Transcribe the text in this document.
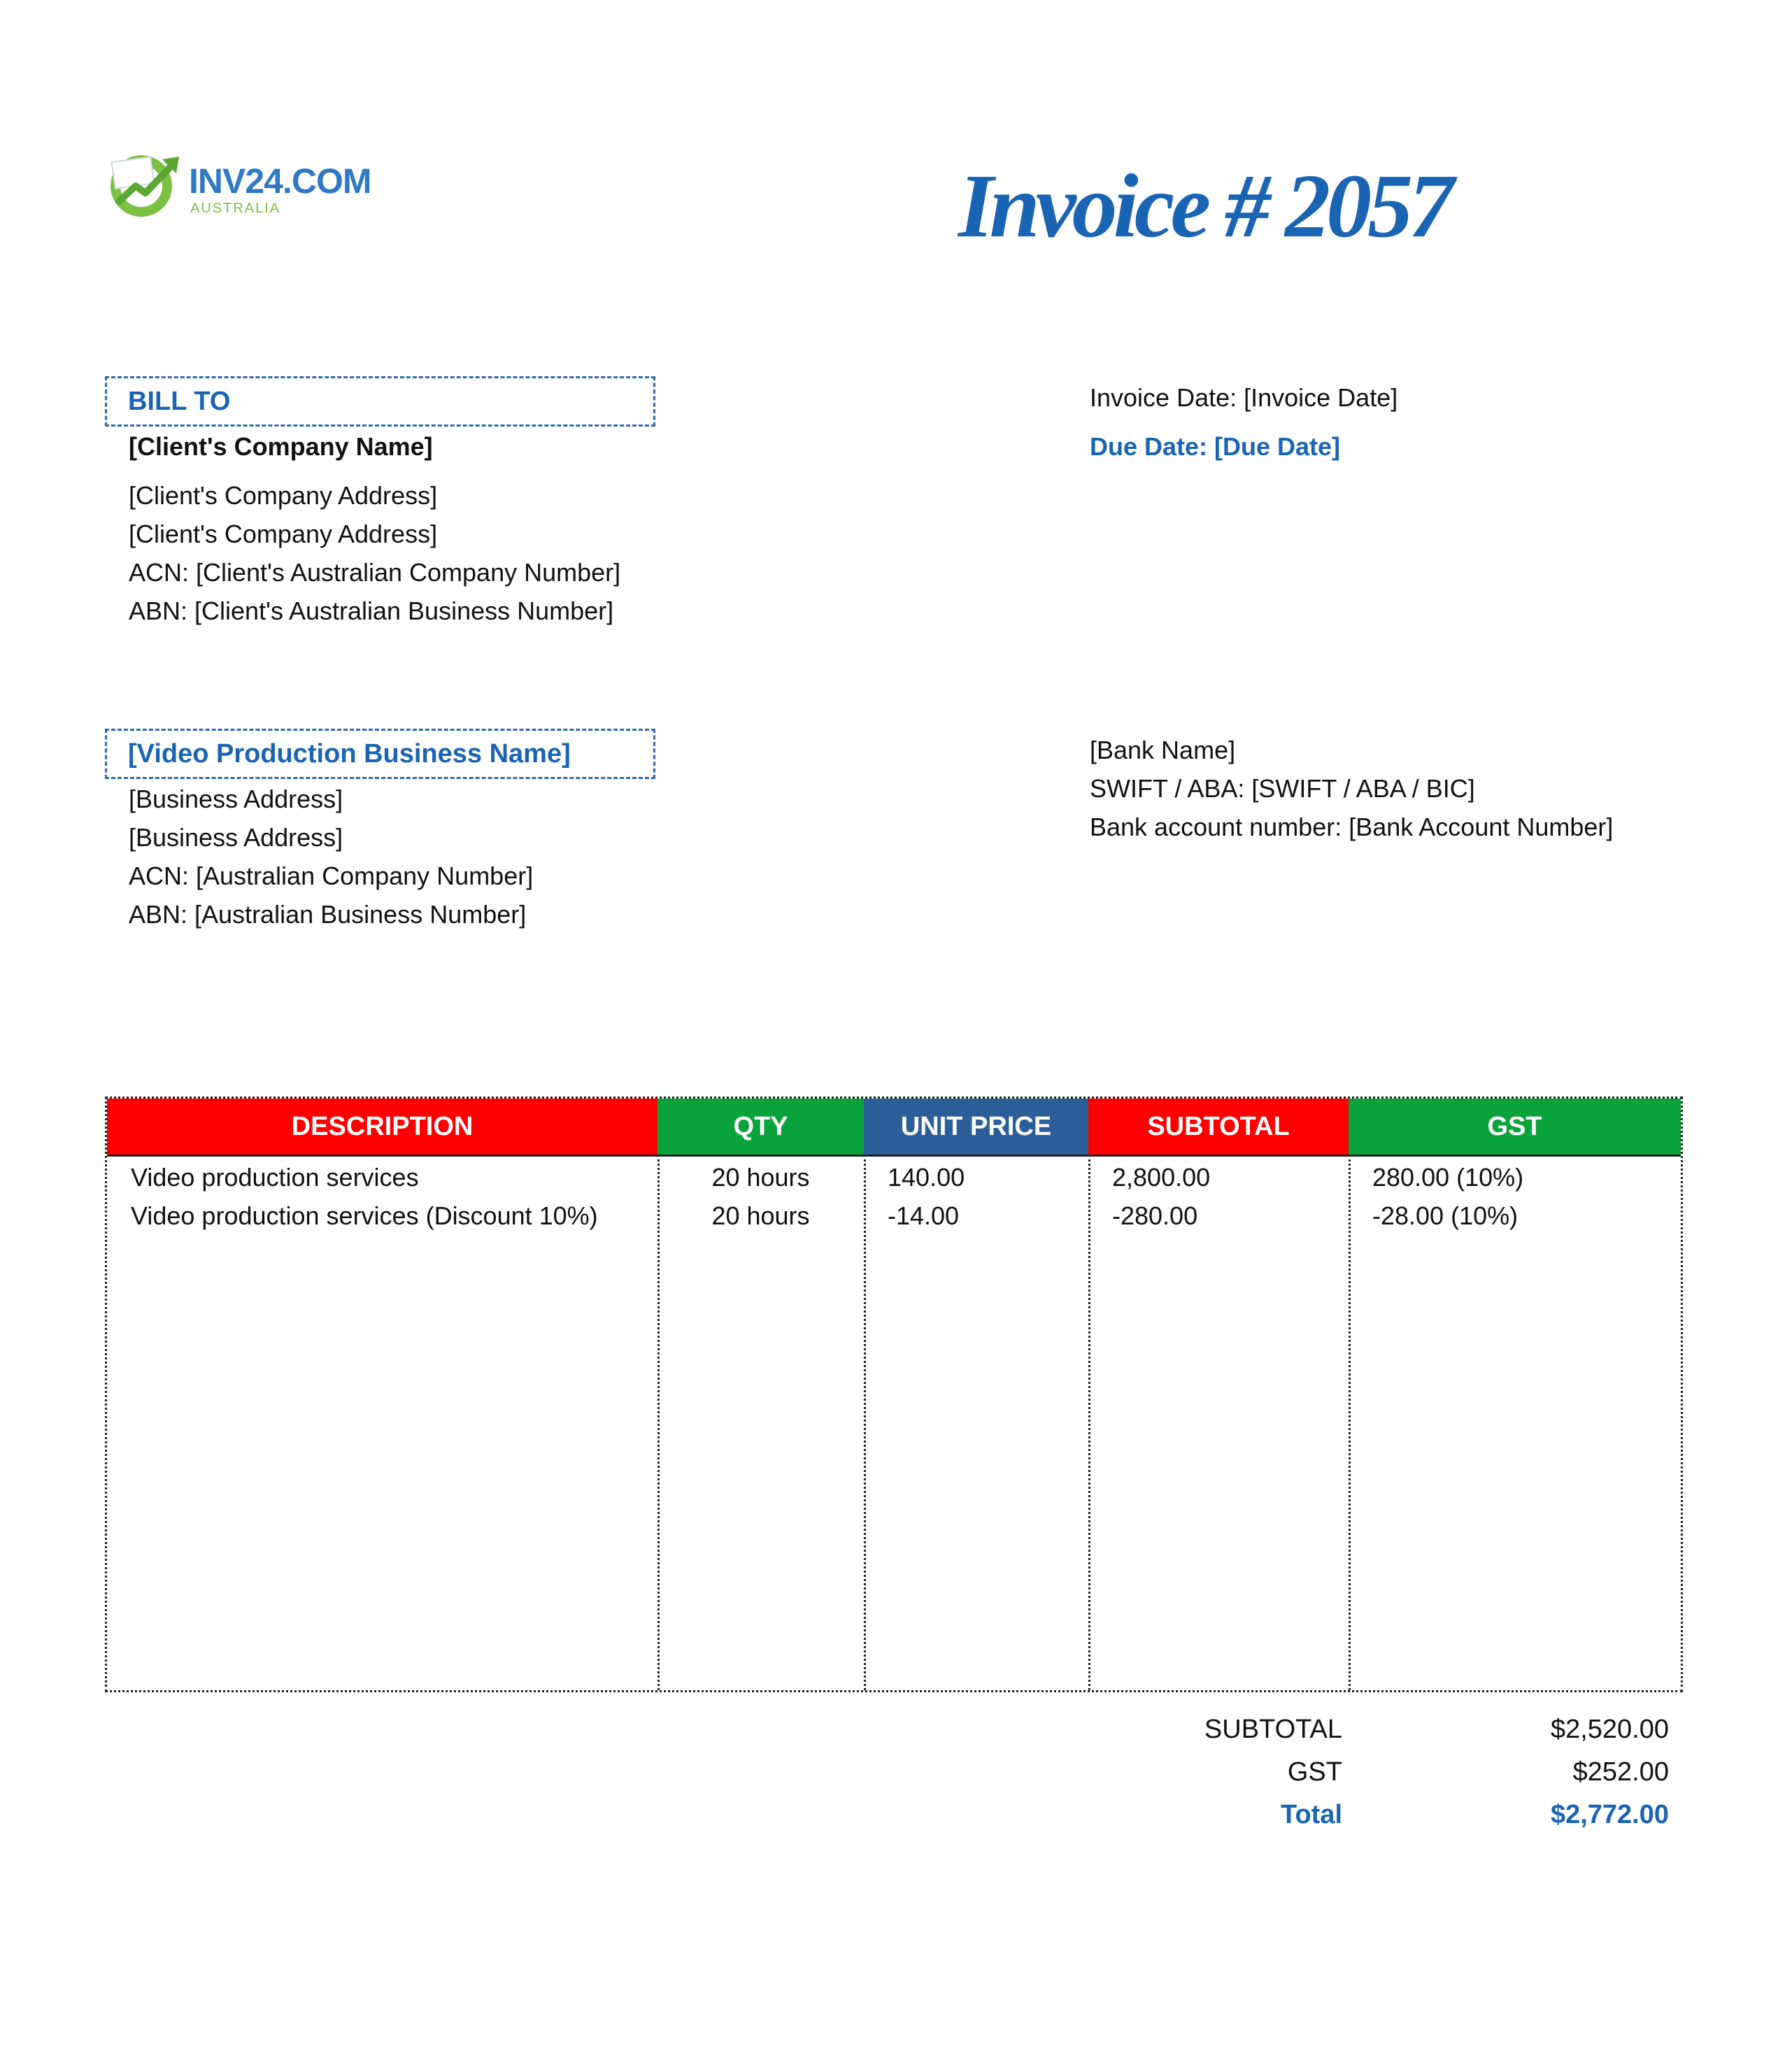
INV24.COM
AUSTRALIA	Invoice # 2057
BILL TO
[Client's Company Name]
[Client's Company Address]
[Client's Company Address]
ACN: [Client's Australian Company Number]
ABN: [Client's Australian Business Number]
Invoice Date: [Invoice Date]
Due Date: [Due Date]
[Video Production Business Name]
[Business Address]
[Business Address]
ACN: [Australian Company Number]
ABN: [Australian Business Number]
[Bank Name]
SWIFT / ABA: [SWIFT / ABA / BIC]
Bank account number: [Bank Account Number]
DESCRIPTION	QTY	UNIT PRICE	SUBTOTAL	GST
Video production services	20 hours	140.00	2,800.00	280.00 (10%)
Video production services (Discount 10%)	20 hours	-14.00	-280.00	-28.00 (10%)
SUBTOTAL	$2,520.00
GST	$252.00
Total	$2,772.00
